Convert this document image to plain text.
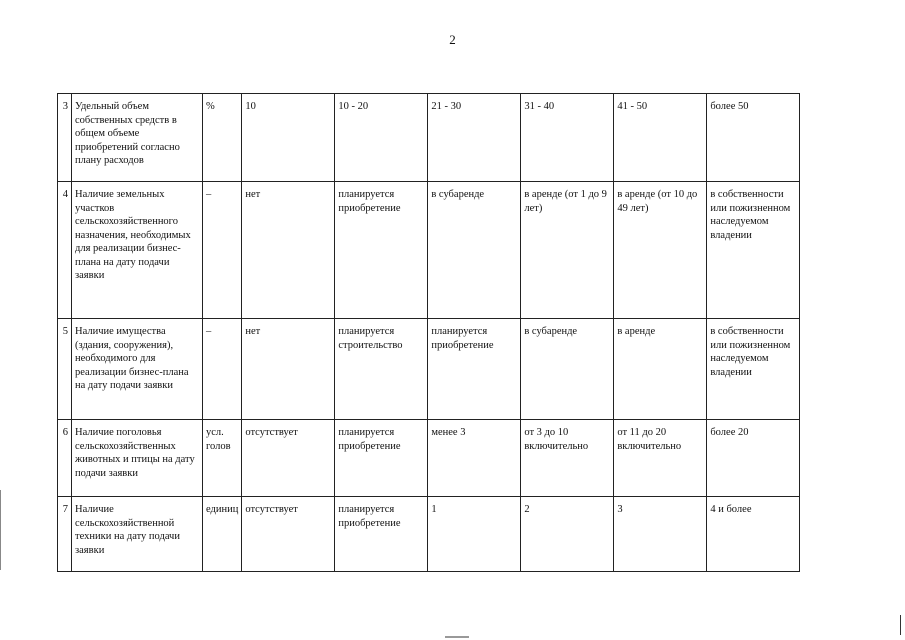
2
3	Удельный объем собственных средств в общем объеме приобретений согласно плану расходов	%	10	10 - 20	21 - 30	31 - 40	41 - 50	более 50
4	Наличие земельных участков сельскохозяйственного назначения, необходимых для реализации бизнес-плана на дату подачи заявки	–	нет	планируется приобретение	в субаренде	в аренде (от 1 до 9 лет)	в аренде (от 10 до 49 лет)	в собственности или пожизненном наследуемом владении
5	Наличие имущества (здания, сооружения), необходимого для реализации бизнес-плана на дату подачи заявки	–	нет	планируется строительство	планируется приобретение	в субаренде	в аренде	в собственности или пожизненном наследуемом владении
6	Наличие поголовья сельскохозяйственных животных и птицы на дату подачи заявки	усл. голов	отсутствует	планируется приобретение	менее 3	от 3 до 10 включительно	от 11 до 20 включительно	более 20
7	Наличие сельскохозяйственной техники на дату подачи заявки	единиц	отсутствует	планируется приобретение	1	2	3	4 и более
